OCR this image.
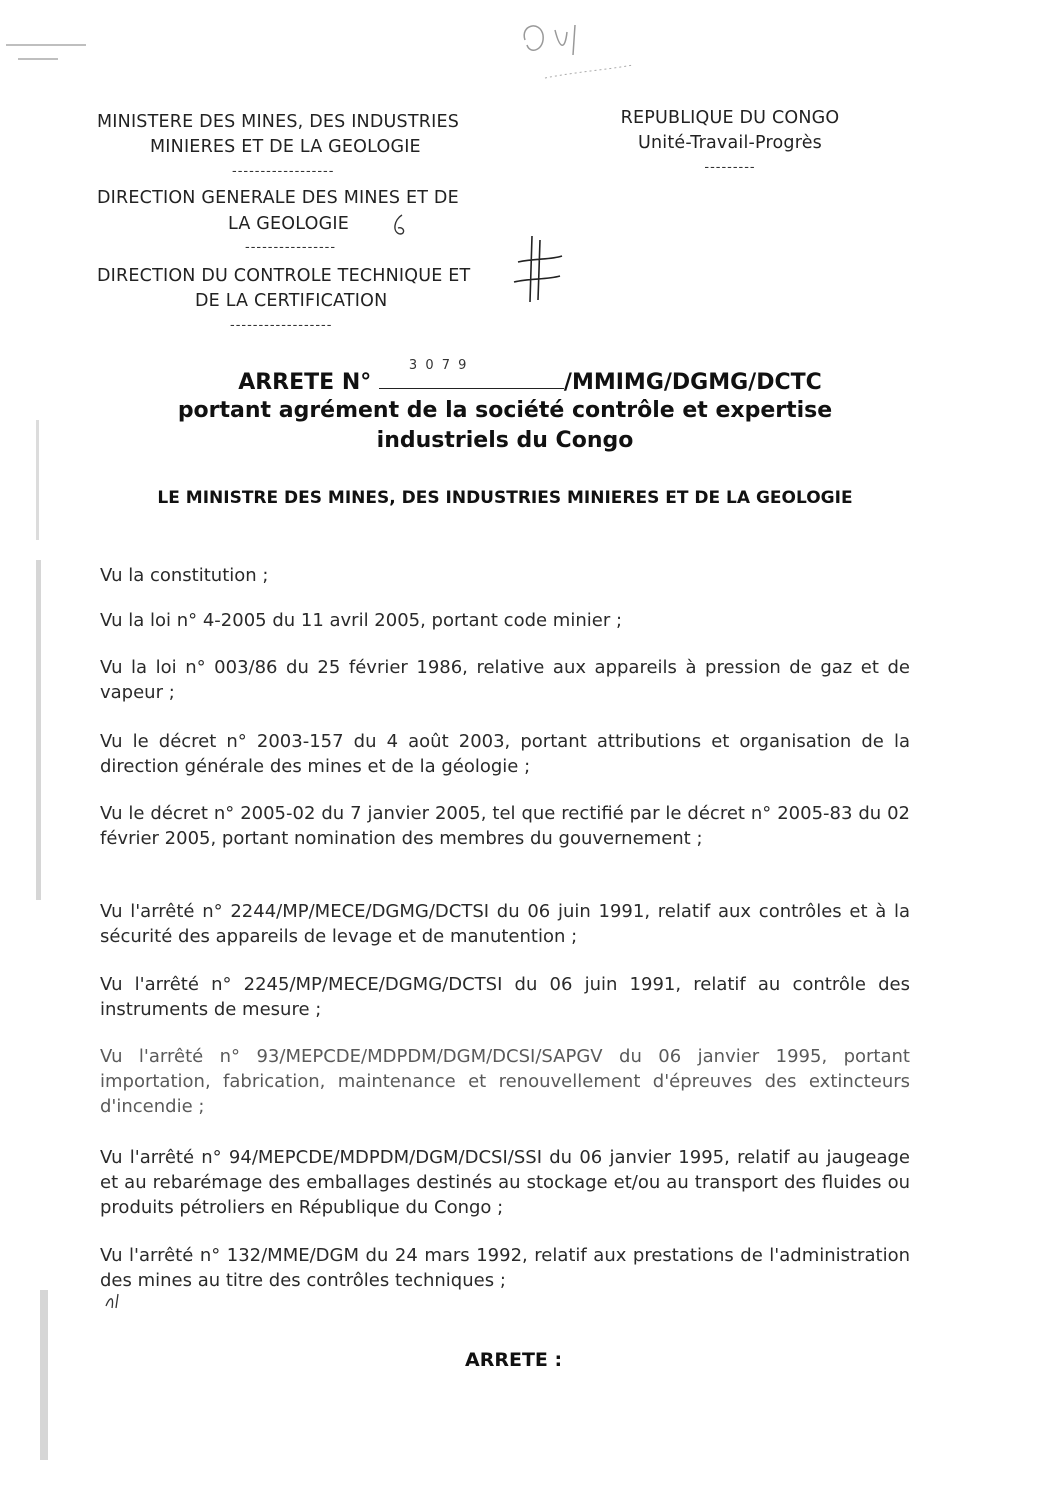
MINISTERE DES MINES, DES INDUSTRIES
MINIERES ET DE LA GEOLOGIE
------------------
DIRECTION GENERALE DES MINES ET DE
LA GEOLOGIE
----------------
DIRECTION DU CONTROLE TECHNIQUE ET
DE LA CERTIFICATION
------------------
REPUBLIQUE DU CONGO
Unité-Travail-Progrès
---------
ARRETE N°
3 0 7 9
/MMIMG/DGMG/DCTC
portant agrément de la société contrôle et expertise
industriels du Congo
LE MINISTRE DES MINES, DES INDUSTRIES MINIERES ET DE LA GEOLOGIE
Vu la constitution ;
Vu la loi n° 4-2005 du 11 avril 2005, portant code minier ;
Vu la loi n° 003/86 du 25 février 1986, relative aux appareils à pression de gaz et de vapeur ;
Vu le décret n° 2003-157 du 4 août 2003, portant attributions et organisation de la direction générale des mines et de la géologie ;
Vu le décret n° 2005-02 du 7 janvier 2005, tel que rectifié par le décret n° 2005-83 du 02 février 2005, portant nomination des membres du gouvernement ;
Vu l'arrêté n° 2244/MP/MECE/DGMG/DCTSI du 06 juin 1991, relatif aux contrôles et à la sécurité des appareils de levage et de manutention ;
Vu l'arrêté n° 2245/MP/MECE/DGMG/DCTSI du 06 juin 1991, relatif au contrôle des instruments de mesure ;
Vu l'arrêté n° 93/MEPCDE/MDPDM/DGM/DCSI/SAPGV du 06 janvier 1995, portant importation, fabrication, maintenance et renouvellement d'épreuves des extincteurs d'incendie ;
Vu l'arrêté n° 94/MEPCDE/MDPDM/DGM/DCSI/SSI du 06 janvier 1995, relatif au jaugeage et au rebarémage des emballages destinés au stockage et/ou au transport des fluides ou produits pétroliers en République du Congo ;
Vu l'arrêté n° 132/MME/DGM du 24 mars 1992, relatif aux prestations de l'administration des mines au titre des contrôles techniques ;
ARRETE :
